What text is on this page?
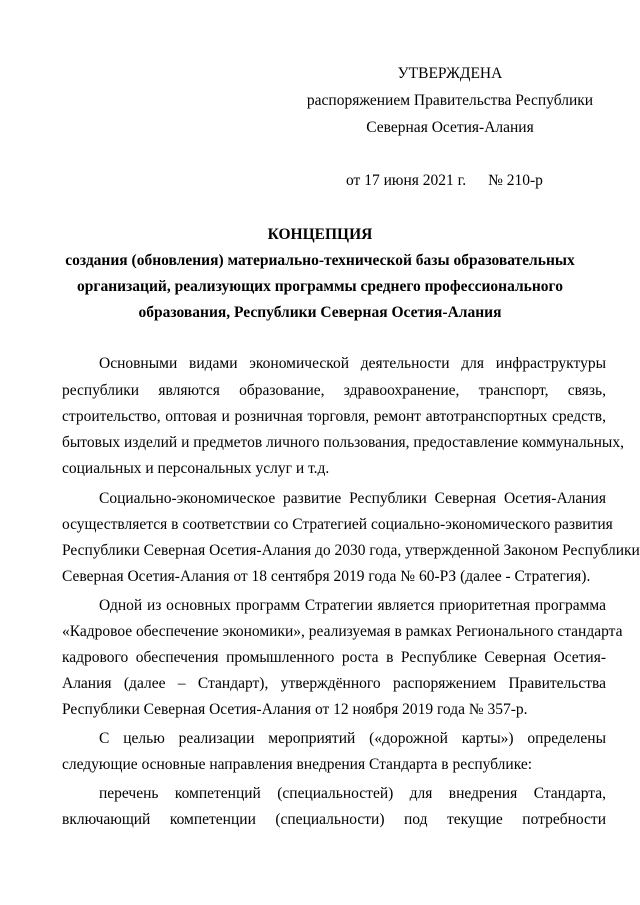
УТВЕРЖДЕНА
распоряжением Правительства Республики
Северная Осетия-Алания
от 17 июня 2021 г. № 210-р
КОНЦЕПЦИЯ
создания (обновления) материально-технической базы образовательных
организаций, реализующих программы среднего профессионального
образования, Республики Северная Осетия-Алания
Основными видами экономической деятельности для инфраструктуры
республики являются образование, здравоохранение, транспорт, связь,
строительство, оптовая и розничная торговля, ремонт автотранспортных средств,
бытовых изделий и предметов личного пользования, предоставление коммунальных,
социальных и персональных услуг и т.д.
Социально-экономическое развитие Республики Северная Осетия-Алания
осуществляется в соответствии со Стратегией социально-экономического развития
Республики Северная Осетия-Алания до 2030 года, утвержденной Законом Республики
Северная Осетия-Алания от 18 сентября 2019 года № 60-РЗ (далее - Стратегия).
Одной из основных программ Стратегии является приоритетная программа
«Кадровое обеспечение экономики», реализуемая в рамках Регионального стандарта
кадрового обеспечения промышленного роста в Республике Северная Осетия-
Алания (далее – Стандарт), утверждённого распоряжением Правительства
Республики Северная Осетия-Алания от 12 ноября 2019 года № 357-р.
С целью реализации мероприятий («дорожной карты») определены
следующие основные направления внедрения Стандарта в республике:
перечень компетенций (специальностей) для внедрения Стандарта,
включающий компетенции (специальности) под текущие потребности
